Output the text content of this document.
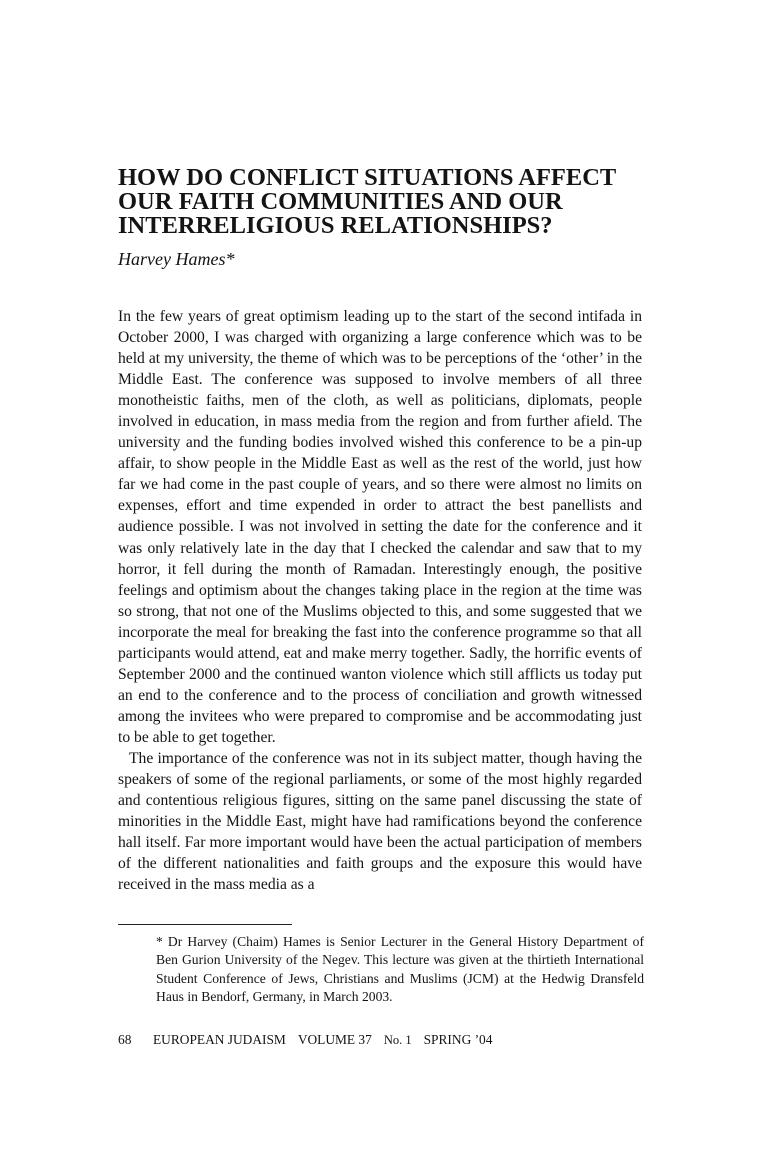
HOW DO CONFLICT SITUATIONS AFFECT
OUR FAITH COMMUNITIES AND OUR
INTERRELIGIOUS RELATIONSHIPS?

Harvey Hames*

In the few years of great optimism leading up to the start of the second intifada in October 2000, I was charged with organizing a large conference which was to be held at my university, the theme of which was to be perceptions of the ‘other’ in the Middle East. The conference was supposed to involve members of all three monotheistic faiths, men of the cloth, as well as politicians, diplomats, people involved in education, in mass media from the region and from further afield. The university and the funding bodies involved wished this conference to be a pin-up affair, to show people in the Middle East as well as the rest of the world, just how far we had come in the past couple of years, and so there were almost no limits on expenses, effort and time expended in order to attract the best panellists and audience possible. I was not involved in setting the date for the conference and it was only relatively late in the day that I checked the calendar and saw that to my horror, it fell during the month of Ramadan. Interestingly enough, the positive feelings and optimism about the changes taking place in the region at the time was so strong, that not one of the Muslims objected to this, and some suggested that we incorporate the meal for breaking the fast into the conference programme so that all participants would attend, eat and make merry together. Sadly, the horrific events of September 2000 and the continued wanton violence which still afflicts us today put an end to the conference and to the process of conciliation and growth witnessed among the invitees who were prepared to compromise and be accommodating just to be able to get together.

The importance of the conference was not in its subject matter, though having the speakers of some of the regional parliaments, or some of the most highly regarded and contentious religious figures, sitting on the same panel discussing the state of minorities in the Middle East, might have had ramifications beyond the conference hall itself. Far more important would have been the actual participation of members of the different nationalities and faith groups and the exposure this would have received in the mass media as a

* Dr Harvey (Chaim) Hames is Senior Lecturer in the General History Department of Ben Gurion University of the Negev. This lecture was given at the thirtieth International Student Conference of Jews, Christians and Muslims (JCM) at the Hedwig Dransfeld Haus in Bendorf, Germany, in March 2003.

68 EUROPEAN JUDAISM VOLUME 37 No. 1 SPRING ’04
